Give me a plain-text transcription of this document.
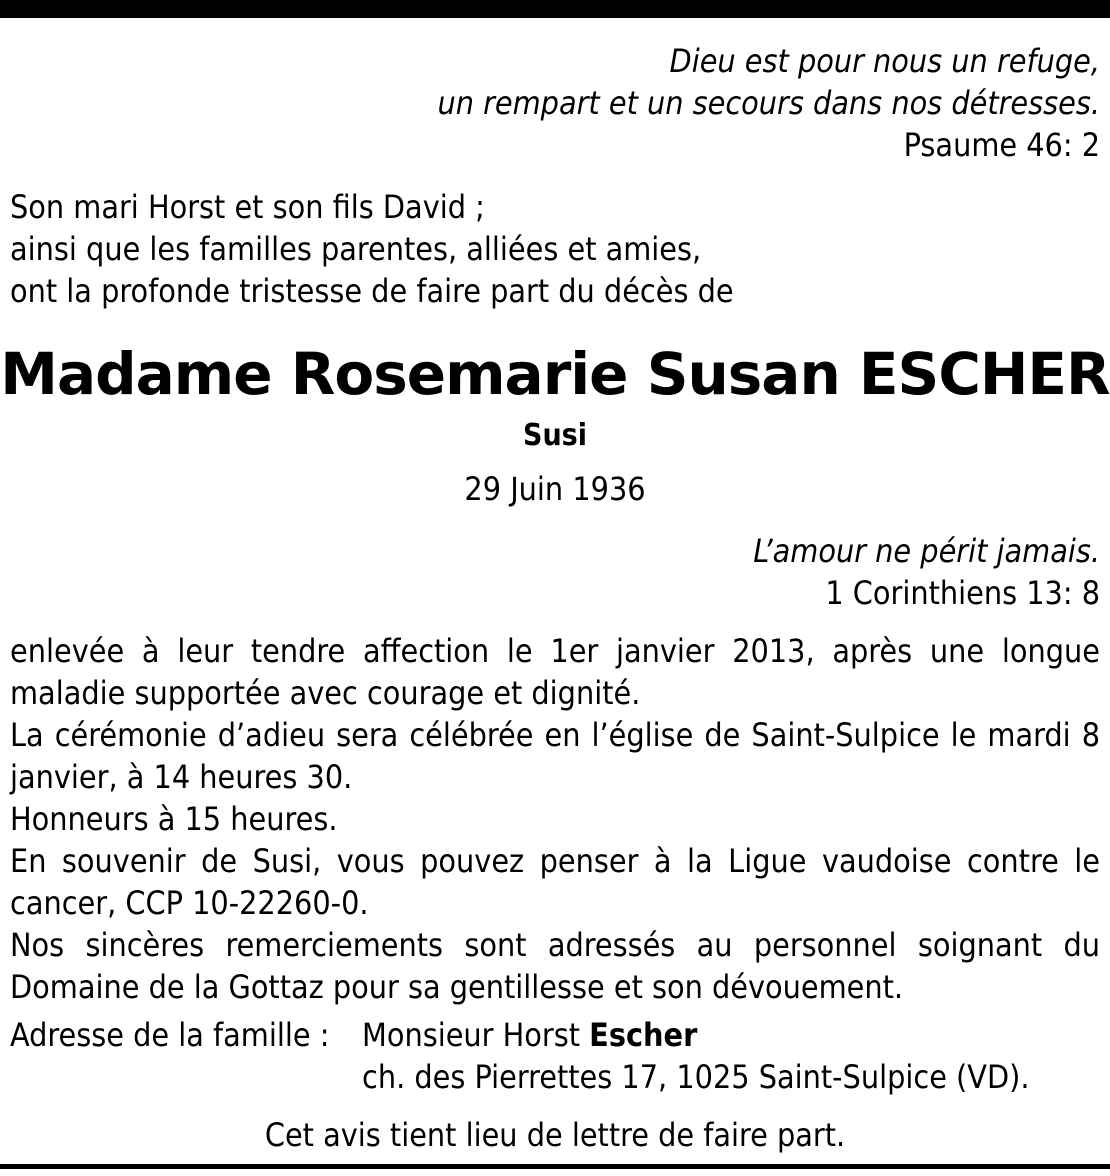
Dieu est pour nous un refuge,
un rempart et un secours dans nos détresses.
Psaume 46: 2
Son mari Horst et son fils David ;
ainsi que les familles parentes, alliées et amies,
ont la profonde tristesse de faire part du décès de
Madame Rosemarie Susan ESCHER
Susi
29 Juin 1936
L’amour ne périt jamais.
1 Corinthiens 13: 8

enlevée à leur tendre affection le 1er janvier 2013, après une longue maladie supportée avec courage et dignité.

La cérémonie d’adieu sera célébrée en l’église de Saint-Sulpice le mardi 8 janvier, à 14 heures 30.

Honneurs à 15 heures.

En souvenir de Susi, vous pouvez penser à la Ligue vaudoise contre le cancer, CCP 10-22260-0.

Nos sincères remerciements sont adressés au personnel soignant du Domaine de la Gottaz pour sa gentillesse et son dévouement.

Adresse de la famille : Monsieur Horst Escher
ch. des Pierrettes 17, 1025 Saint-Sulpice (VD).
Cet avis tient lieu de lettre de faire part.
